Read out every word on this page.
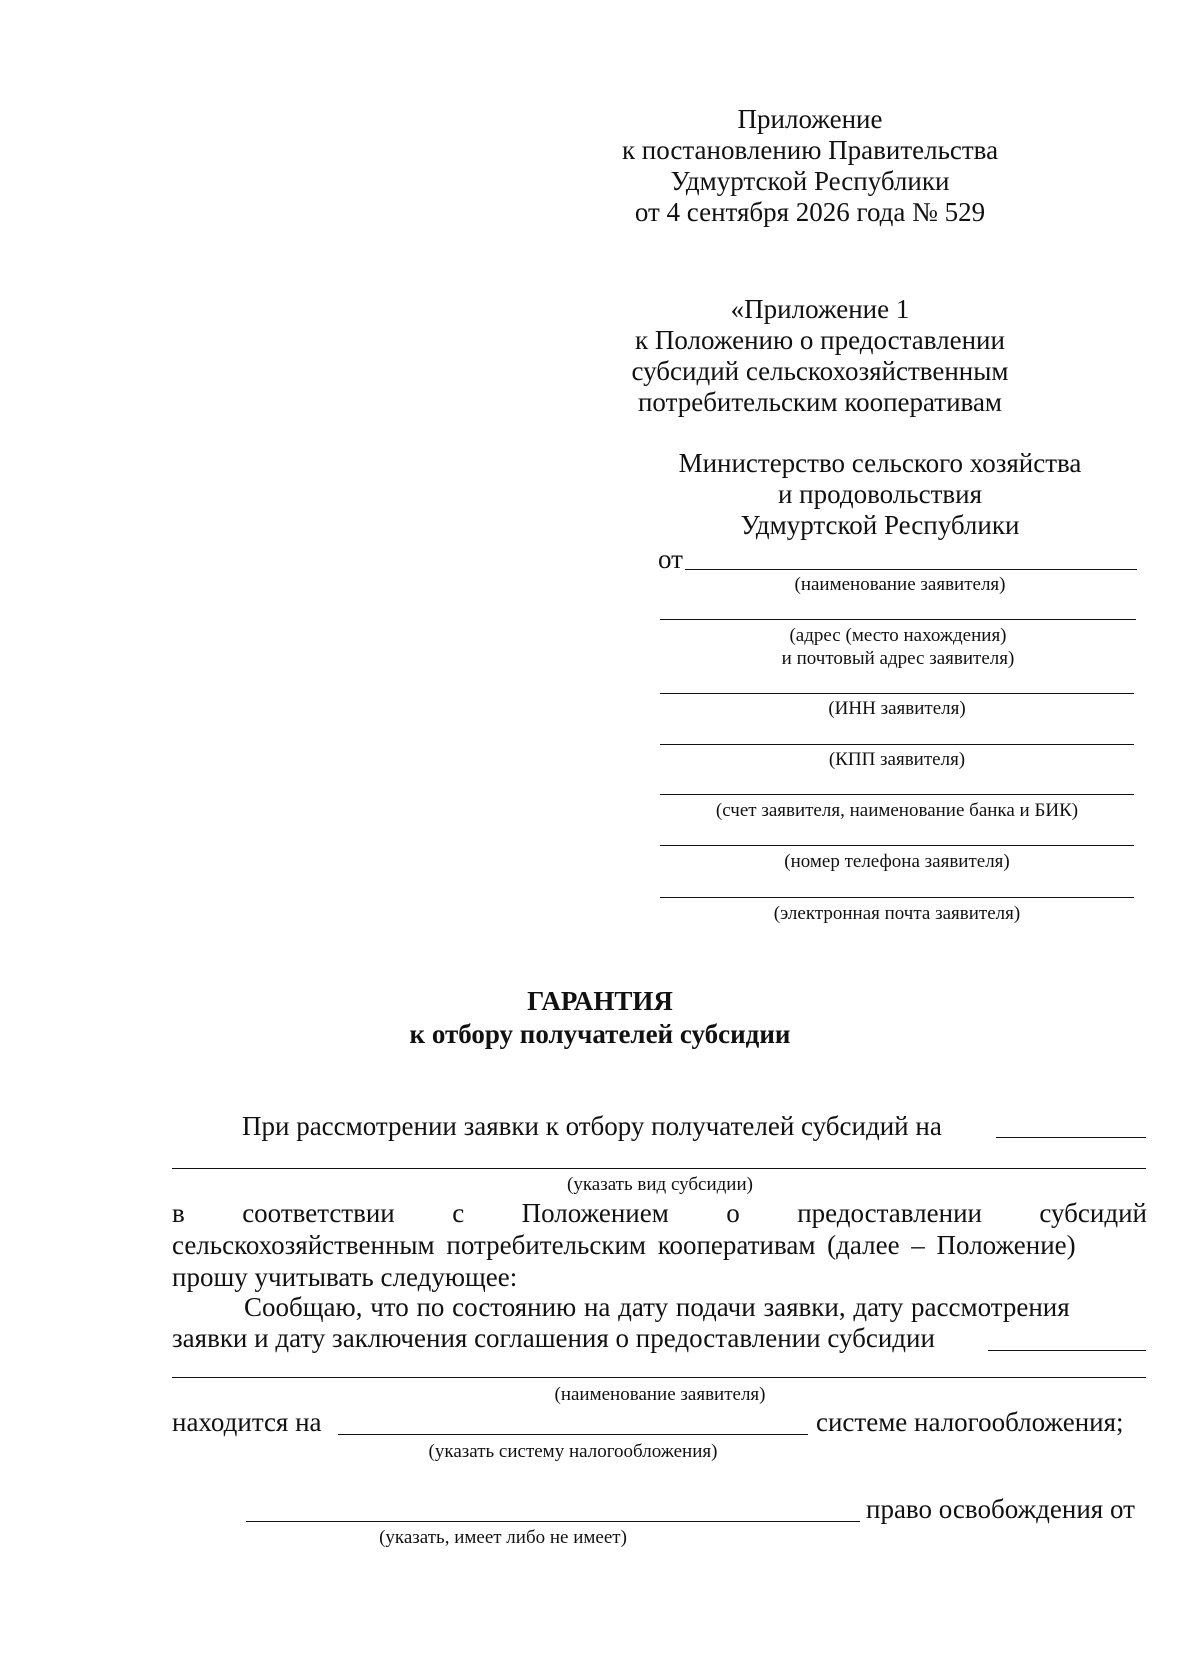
Приложение
к постановлению Правительства
Удмуртской Республики
от 4 сентября 2026 года № 529
«Приложение 1
к Положению о предоставлении
субсидий сельскохозяйственным
потребительским кооперативам
Министерство сельского хозяйства
и продовольствия
Удмуртской Республики
от
(наименование заявителя)
(адрес (место нахождения)
и почтовый адрес заявителя)
(ИНН заявителя)
(КПП заявителя)
(счет заявителя, наименование банка и БИК)
(номер телефона заявителя)
(электронная почта заявителя)
ГАРАНТИЯ
к отбору получателей субсидии
При рассмотрении заявки к отбору получателей субсидий на
(указать вид субсидии)
в соответствии с Положением о предоставлении субсидий
сельскохозяйственным потребительским кооперативам (далее – Положение)
прошу учитывать следующее:
Сообщаю, что по состоянию на дату подачи заявки, дату рассмотрения
заявки и дату заключения соглашения о предоставлении субсидии
(наименование заявителя)
находится на	системе налогообложения;
(указать систему налогообложения)
право освобождения от
(указать, имеет либо не имеет)
